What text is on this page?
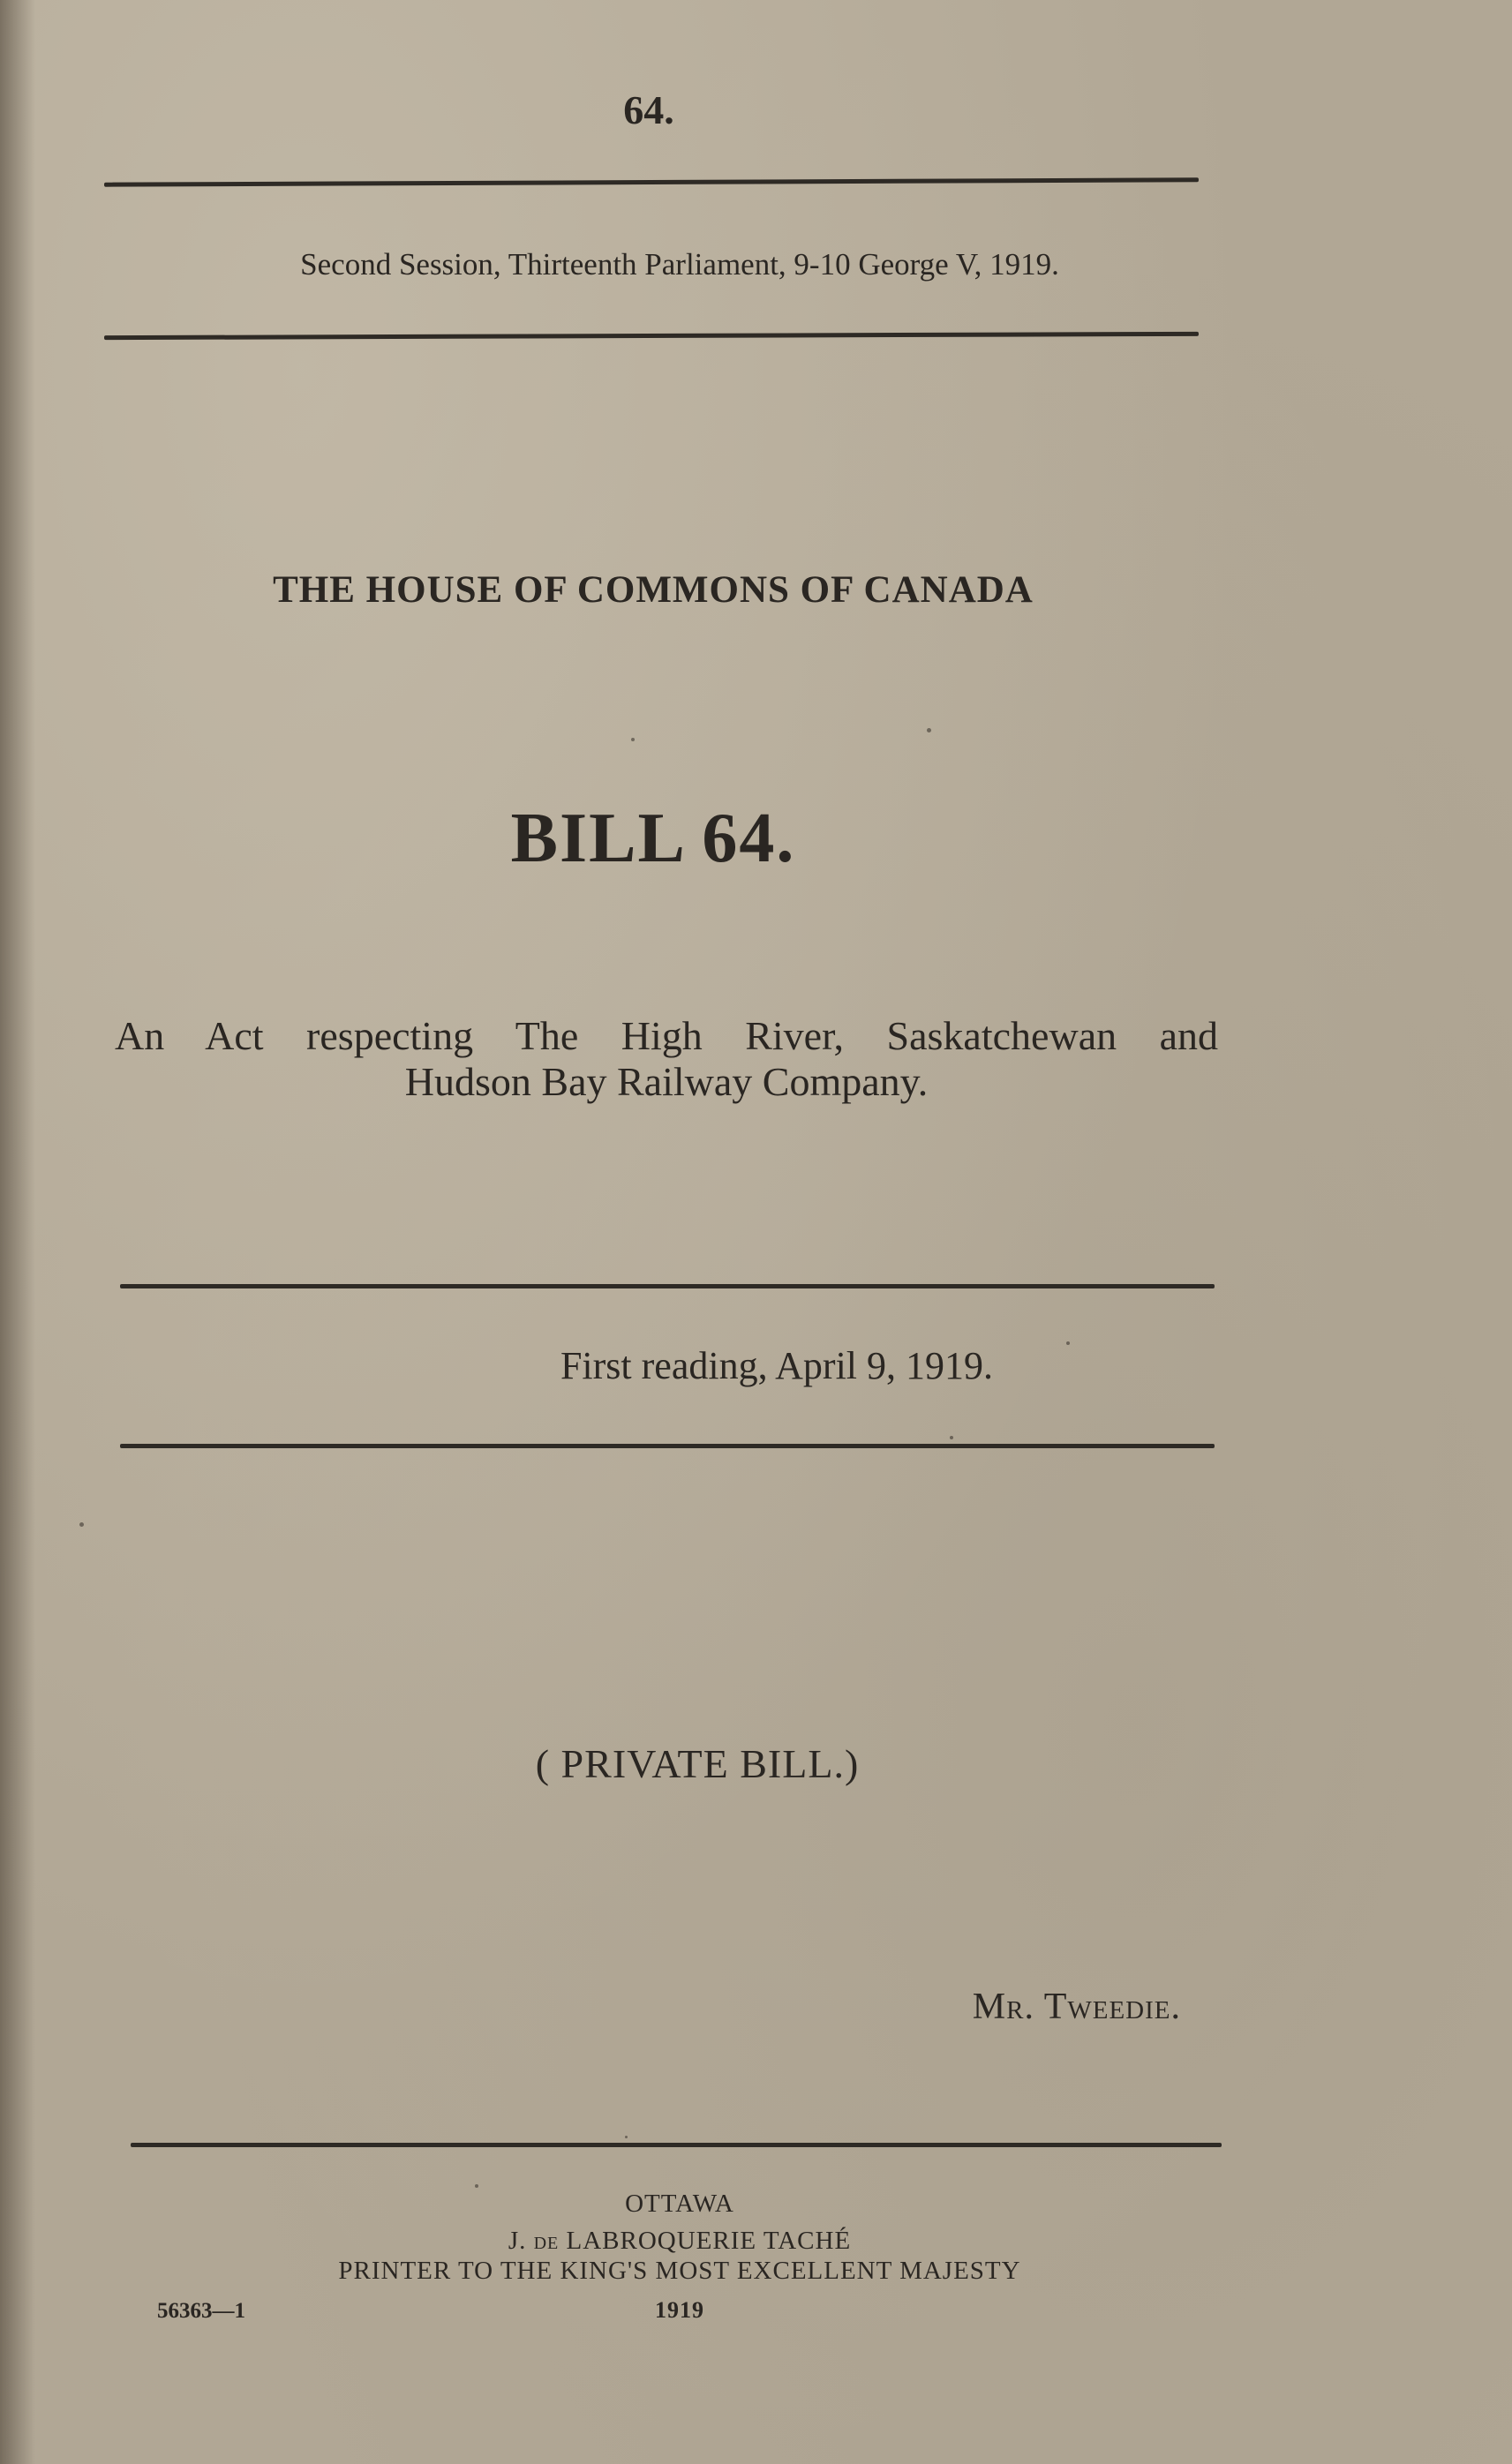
64.
Second Session, Thirteenth Parliament, 9-10 George V, 1919.
THE HOUSE OF COMMONS OF CANADA
BILL 64.
An Act respecting The High River, Saskatchewan and
Hudson Bay Railway Company.
First reading, April 9, 1919.
( PRIVATE BILL.)
Mr. Tweedie.
OTTAWA
J. de LABROQUERIE TACHÉ
PRINTER TO THE KING'S MOST EXCELLENT MAJESTY
1919
56363—1
